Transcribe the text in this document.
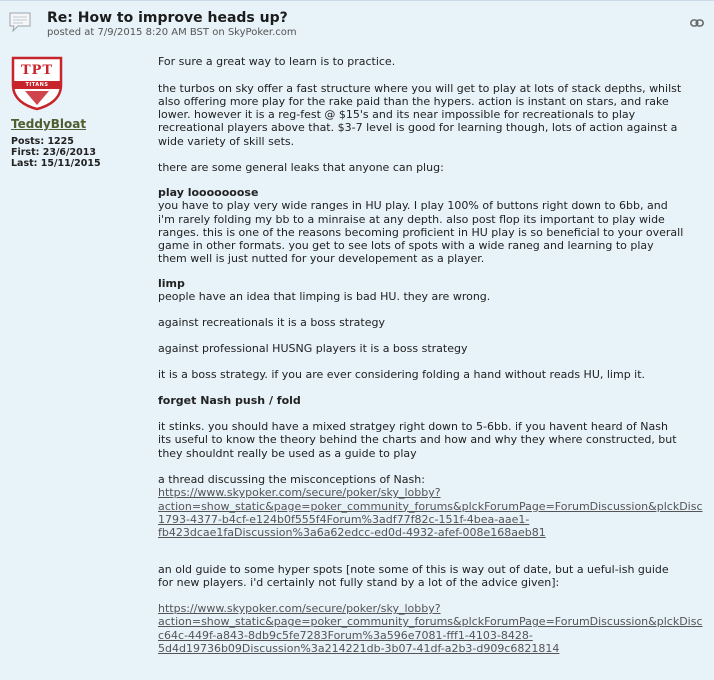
Re: How to improve heads up?
posted at 7/9/2015 8:20 AM BST on SkyPoker.com
TPT
TITANS
TeddyBloat
Posts: 1225
First: 23/6/2013
Last: 15/11/2015
For sure a great way to learn is to practice.
the turbos on sky offer a fast structure where you will get to play at lots of stack depths, whilst
also offering more play for the rake paid than the hypers. action is instant on stars, and rake
lower. however it is a reg-fest @ $15's and its near impossible for recreationals to play
recreational players above that. $3-7 level is good for learning though, lots of action against a
wide variety of skill sets.
there are some general leaks that anyone can plug:
play looooooose
you have to play very wide ranges in HU play. I play 100% of buttons right down to 6bb, and
i'm rarely folding my bb to a minraise at any depth. also post flop its important to play wide
ranges. this is one of the reasons becoming proficient in HU play is so beneficial to your overall
game in other formats. you get to see lots of spots with a wide raneg and learning to play
them well is just nutted for your developement as a player.
limp
people have an idea that limping is bad HU. they are wrong.
against recreationals it is a boss strategy
against professional HUSNG players it is a boss strategy
it is a boss strategy. if you are ever considering folding a hand without reads HU, limp it.
forget Nash push / fold
it stinks. you should have a mixed stratgey right down to 5-6bb. if you havent heard of Nash
its useful to know the theory behind the charts and how and why they where constructed, but
they shouldnt really be used as a guide to play
a thread discussing the misconceptions of Nash:
https://www.skypoker.com/secure/poker/sky_lobby?
action=show_static&page=poker_community_forums&plckForumPage=ForumDiscussion&plckDisc
1793-4377-b4cf-e124b0f555f4Forum%3adf77f82c-151f-4bea-aae1-
fb423dcae1faDiscussion%3a6a62edcc-ed0d-4932-afef-008e168aeb81
an old guide to some hyper spots [note some of this is way out of date, but a ueful-ish guide
for new players. i'd certainly not fully stand by a lot of the advice given]:
https://www.skypoker.com/secure/poker/sky_lobby?
action=show_static&page=poker_community_forums&plckForumPage=ForumDiscussion&plckDisc
c64c-449f-a843-8db9c5fe7283Forum%3a596e7081-fff1-4103-8428-
5d4d19736b09Discussion%3a214221db-3b07-41df-a2b3-d909c6821814
